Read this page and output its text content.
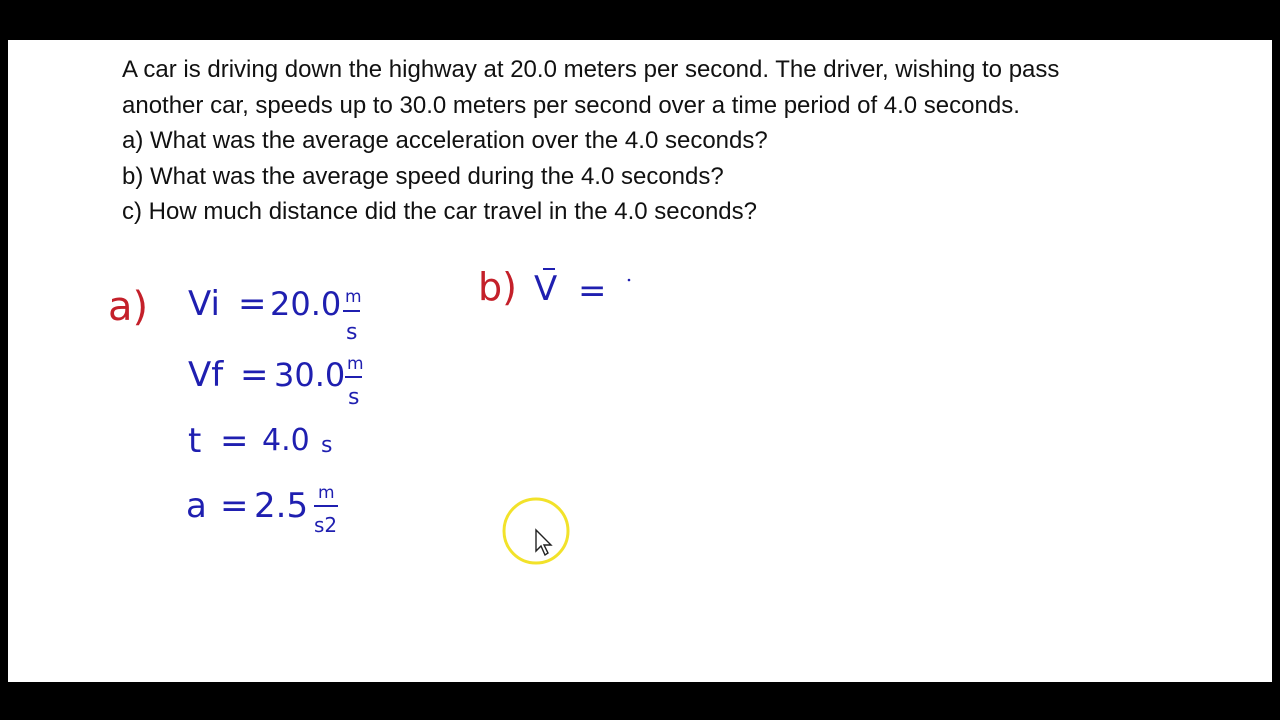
A car is driving down the highway at 20.0 meters per second. The driver, wishing to pass
another car, speeds up to 30.0 meters per second over a time period of 4.0 seconds.
a) What was the average acceleration over the 4.0 seconds?
b) What was the average speed during the 4.0 seconds?
c) How much distance did the car travel in the 4.0 seconds?
a) Vi = 20.0 m
s
Vf = 30.0 m
s
t = 4.0 s
a = 2.5 m
s2
b) V =
